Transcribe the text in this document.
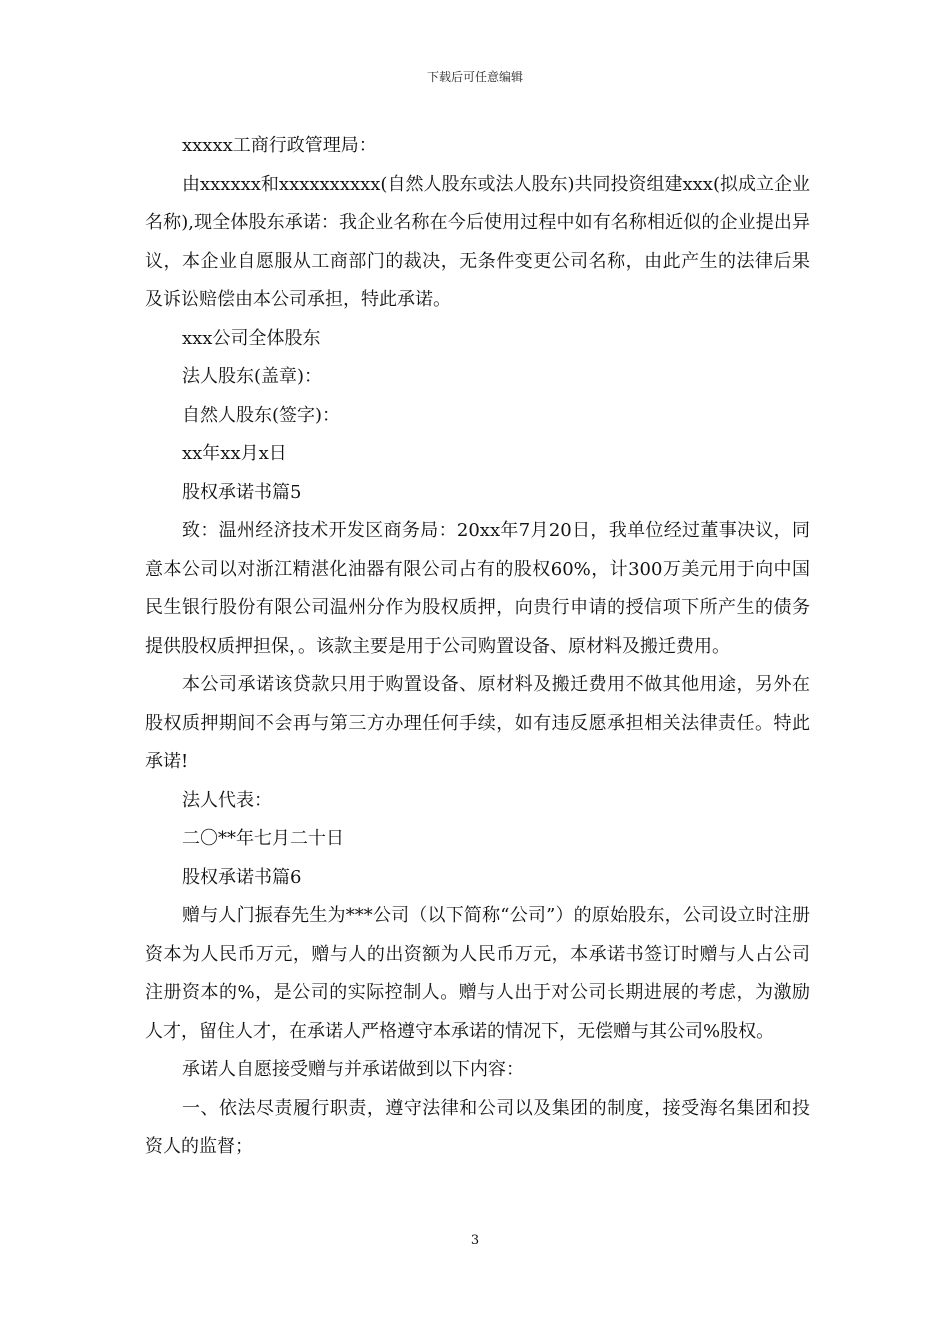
下载后可任意编辑

xxxxx工商行政管理局：

由xxxxxx和xxxxxxxxxx(自然人股东或法人股东)共同投资组建xxx(拟成立企业名称),现全体股东承诺：我企业名称在今后使用过程中如有名称相近似的企业提出异议，本企业自愿服从工商部门的裁决，无条件变更公司名称，由此产生的法律后果及诉讼赔偿由本公司承担，特此承诺。

xxx公司全体股东

法人股东(盖章)：

自然人股东(签字)：

xx年xx月x日

股权承诺书篇5

致：温州经济技术开发区商务局：20xx年7月20日，我单位经过董事决议，同意本公司以对浙江精湛化油器有限公司占有的股权60%，计300万美元用于向中国民生银行股份有限公司温州分作为股权质押，向贵行申请的授信项下所产生的债务提供股权质押担保，。该款主要是用于公司购置设备、原材料及搬迁费用。

本公司承诺该贷款只用于购置设备、原材料及搬迁费用不做其他用途，另外在股权质押期间不会再与第三方办理任何手续，如有违反愿承担相关法律责任。特此承诺!

法人代表：

二〇**年七月二十日

股权承诺书篇6

赠与人门振春先生为***公司（以下简称“公司”）的原始股东，公司设立时注册资本为人民币万元，赠与人的出资额为人民币万元，本承诺书签订时赠与人占公司注册资本的%，是公司的实际控制人。赠与人出于对公司长期进展的考虑，为激励人才，留住人才，在承诺人严格遵守本承诺的情况下，无偿赠与其公司%股权。

承诺人自愿接受赠与并承诺做到以下内容：

一、依法尽责履行职责，遵守法律和公司以及集团的制度，接受海名集团和投资人的监督；

3
